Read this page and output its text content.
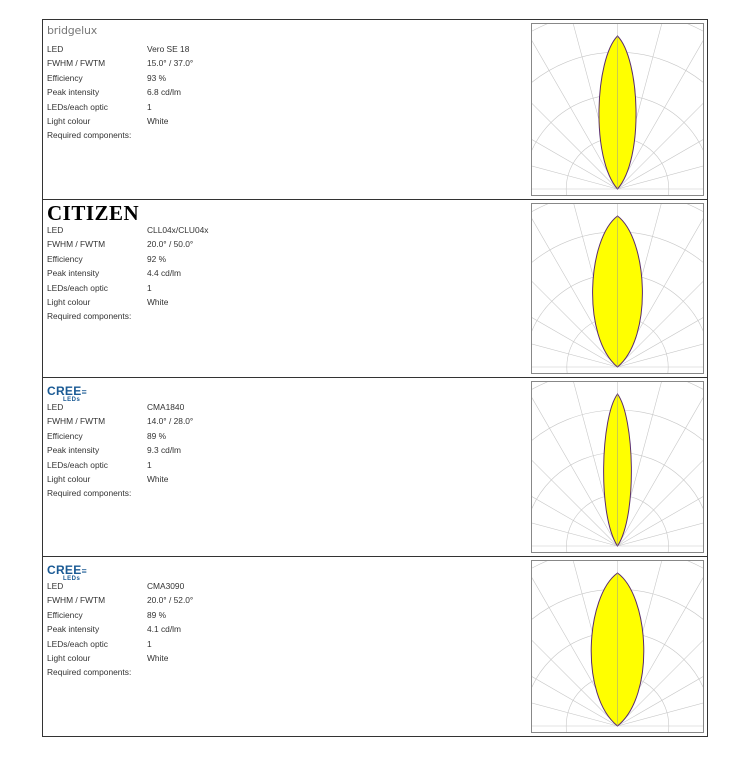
bridgelux
LED	Vero SE 18
FWHM / FWTM	15.0° / 37.0°
Efficiency	93 %
Peak intensity	6.8 cd/lm
LEDs/each optic	1
Light colour	White
Required components:
CITIZEN
LED	CLL04x/CLU04x
FWHM / FWTM	20.0° / 50.0°
Efficiency	92 %
Peak intensity	4.4 cd/lm
LEDs/each optic	1
Light colour	White
Required components:
CREE≡
LEDs
LED	CMA1840
FWHM / FWTM	14.0° / 28.0°
Efficiency	89 %
Peak intensity	9.3 cd/lm
LEDs/each optic	1
Light colour	White
Required components:
CREE≡
LEDs
LED	CMA3090
FWHM / FWTM	20.0° / 52.0°
Efficiency	89 %
Peak intensity	4.1 cd/lm
LEDs/each optic	1
Light colour	White
Required components:
